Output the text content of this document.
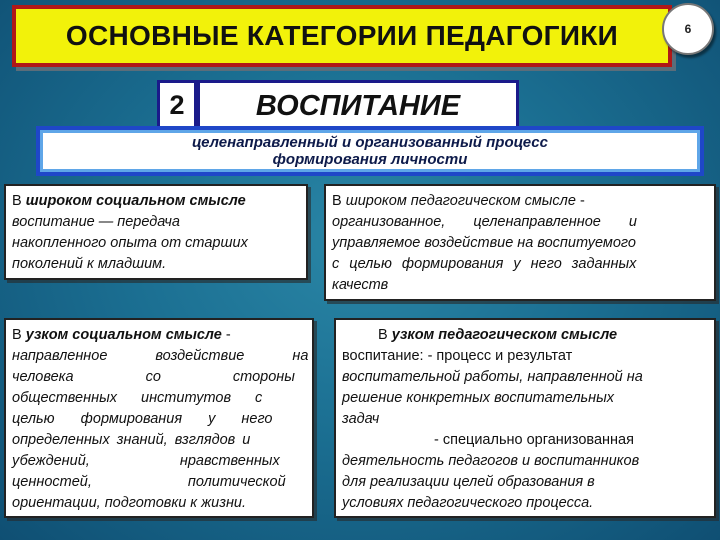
ОСНОВНЫЕ КАТЕГОРИИ ПЕДАГОГИКИ	6
2	ВОСПИТАНИЕ
целенаправленный и организованный процесс
формирования личности
В широком социальном смысле
воспитание — передача
накопленного опыта от старших
поколений к младшим.
В широком педагогическом смысле -
организованное, целенаправленное и
управляемое воздействие на воспитуемого
с целью формирования у него заданных
качеств
В узком социальном смысле -
направленное воздействие на
человека со стороны
общественных институтов с
целью формирования у него
определенных знаний, взглядов и
убеждений, нравственных
ценностей, политической
ориентации, подготовки к жизни.
В узком педагогическом смысле
воспитание: - процесс и результат
воспитательной работы, направленной на
решение конкретных воспитательных
задач
- специально организованная
деятельность педагогов и воспитанников
для реализации целей образования в
условиях педагогического процесса.
